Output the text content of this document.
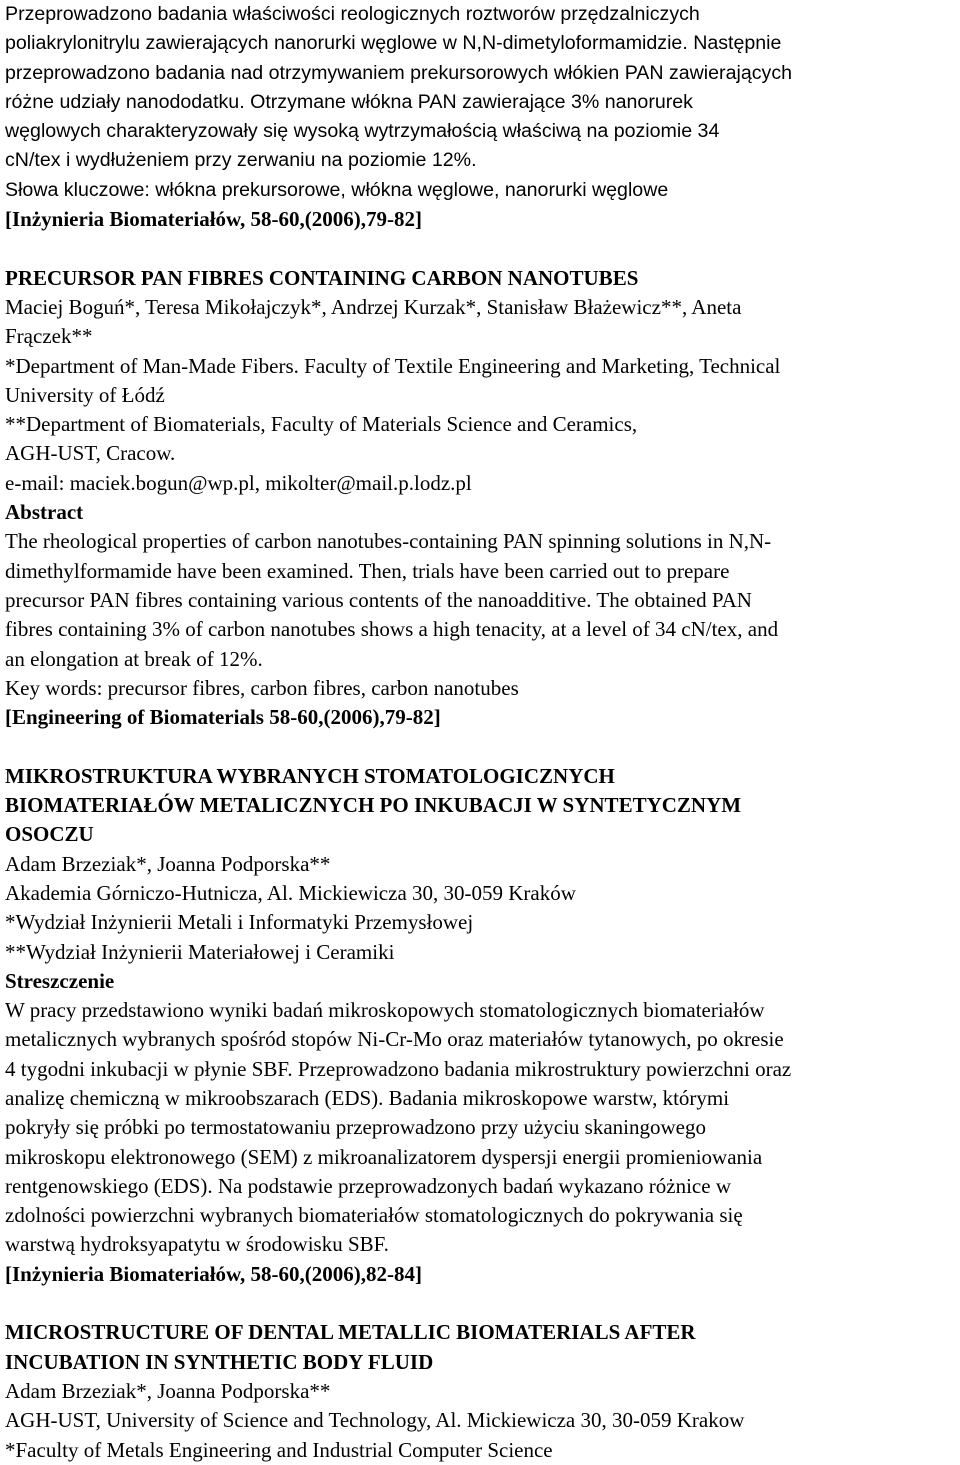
Przeprowadzono badania właściwości reologicznych roztworów przędzalniczych
poliakrylonitrylu zawierających nanorurki węglowe w N,N-dimetyloformamidzie. Następnie
przeprowadzono badania nad otrzymywaniem prekursorowych włókien PAN zawierających
różne udziały nanododatku. Otrzymane włókna PAN zawierające 3% nanorurek
węglowych charakteryzowały się wysoką wytrzymałością właściwą na poziomie 34
cN/tex i wydłużeniem przy zerwaniu na poziomie 12%.
Słowa kluczowe: włókna prekursorowe, włókna węglowe, nanorurki węglowe
[Inżynieria Biomateriałów, 58-60,(2006),79-82]
PRECURSOR PAN FIBRES CONTAINING CARBON NANOTUBES
Maciej Boguń*, Teresa Mikołajczyk*, Andrzej Kurzak*, Stanisław Błażewicz**, Aneta
Frączek**
*Department of Man-Made Fibers. Faculty of Textile Engineering and Marketing, Technical
University of Łódź
**Department of Biomaterials, Faculty of Materials Science and Ceramics,
AGH-UST, Cracow.
e-mail: maciek.bogun@wp.pl, mikolter@mail.p.lodz.pl
Abstract
The rheological properties of carbon nanotubes-containing PAN spinning solutions in N,N-
dimethylformamide have been examined. Then, trials have been carried out to prepare
precursor PAN fibres containing various contents of the nanoadditive. The obtained PAN
fibres containing 3% of carbon nanotubes shows a high tenacity, at a level of 34 cN/tex, and
an elongation at break of 12%.
Key words: precursor fibres, carbon fibres, carbon nanotubes
[Engineering of Biomaterials 58-60,(2006),79-82]
MIKROSTRUKTURA WYBRANYCH STOMATOLOGICZNYCH
BIOMATERIAŁÓW METALICZNYCH PO INKUBACJI W SYNTETYCZNYM
OSOCZU
Adam Brzeziak*, Joanna Podporska**
Akademia Górniczo-Hutnicza, Al. Mickiewicza 30, 30-059 Kraków
*Wydział Inżynierii Metali i Informatyki Przemysłowej
**Wydział Inżynierii Materiałowej i Ceramiki
Streszczenie
W pracy przedstawiono wyniki badań mikroskopowych stomatologicznych biomateriałów
metalicznych wybranych spośród stopów Ni-Cr-Mo oraz materiałów tytanowych, po okresie
4 tygodni inkubacji w płynie SBF. Przeprowadzono badania mikrostruktury powierzchni oraz
analizę chemiczną w mikroobszarach (EDS). Badania mikroskopowe warstw, którymi
pokryły się próbki po termostatowaniu przeprowadzono przy użyciu skaningowego
mikroskopu elektronowego (SEM) z mikroanalizatorem dyspersji energii promieniowania
rentgenowskiego (EDS). Na podstawie przeprowadzonych badań wykazano różnice w
zdolności powierzchni wybranych biomateriałów stomatologicznych do pokrywania się
warstwą hydroksyapatytu w środowisku SBF.
[Inżynieria Biomateriałów, 58-60,(2006),82-84]
MICROSTRUCTURE OF DENTAL METALLIC BIOMATERIALS AFTER
INCUBATION IN SYNTHETIC BODY FLUID
Adam Brzeziak*, Joanna Podporska**
AGH-UST, University of Science and Technology, Al. Mickiewicza 30, 30-059 Krakow
*Faculty of Metals Engineering and Industrial Computer Science
